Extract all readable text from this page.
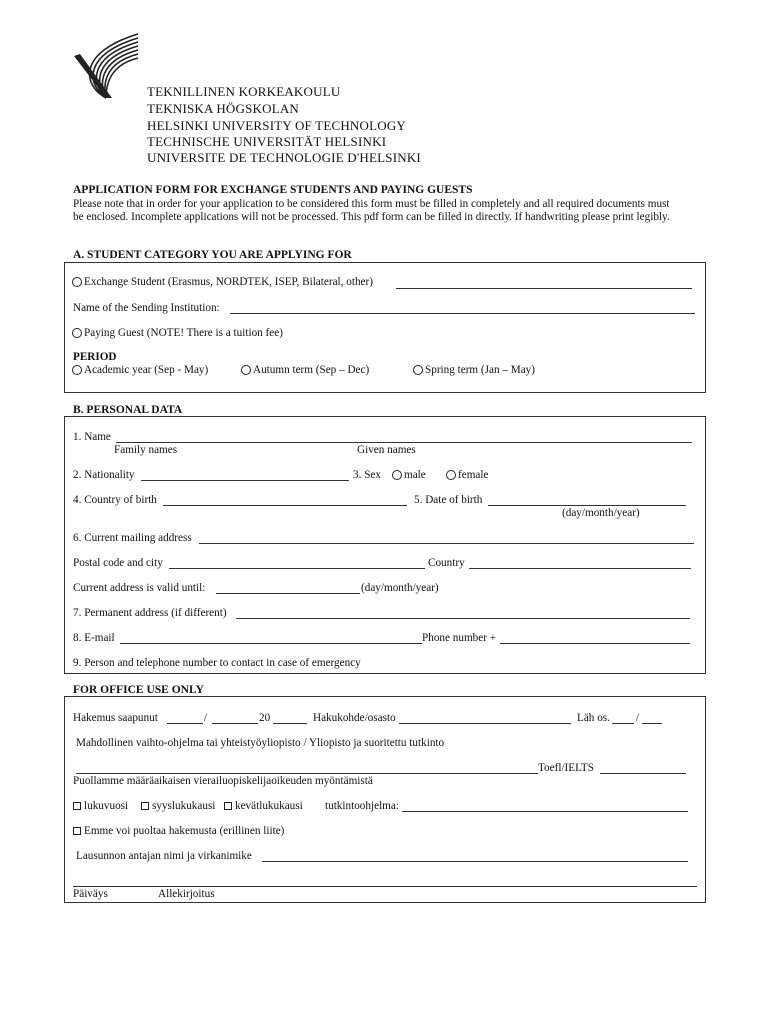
TEKNILLINEN KORKEAKOULU
TEKNISKA HÖGSKOLAN
HELSINKI UNIVERSITY OF TECHNOLOGY
TECHNISCHE UNIVERSITÄT HELSINKI
UNIVERSITE DE TECHNOLOGIE D'HELSINKI
APPLICATION FORM FOR EXCHANGE STUDENTS AND PAYING GUESTS
Please note that in order for your application to be considered this form must be filled in completely and all required documents must
be enclosed. Incomplete applications will not be processed. This pdf form can be filled in directly. If handwriting please print legibly.
A. STUDENT CATEGORY YOU ARE APPLYING FOR
Exchange Student (Erasmus, NORDTEK, ISEP, Bilateral, other)
Name of the Sending Institution:
Paying Guest (NOTE! There is a tuition fee)
PERIOD
Academic year (Sep - May)	Autumn term (Sep – Dec)	Spring term (Jan – May)
B. PERSONAL DATA
1. Name
Family names	Given names
2. Nationality	3. Sex	male	female
4. Country of birth	5. Date of birth
(day/month/year)
6. Current mailing address
Postal code and city	Country
Current address is valid until:	(day/month/year)
7. Permanent address (if different)
8. E-mail	Phone number +
9. Person and telephone number to contact in case of emergency
FOR OFFICE USE ONLY
Hakemus saapunut	/	20	Hakukohde/osasto	Läh os. /
Mahdollinen vaihto-ohjelma tai yhteistyöyliopisto / Yliopisto ja suoritettu tutkinto
Toefl/IELTS
Puollamme määräaikaisen vierailuopiskelijaoikeuden myöntämistä
lukuvuosi	syyslukukausi	kevätlukukausi tutkintoohjelma:
Emme voi puoltaa hakemusta (erillinen liite)
Lausunnon antajan nimi ja virkanimike
Päiväys	Allekirjoitus
